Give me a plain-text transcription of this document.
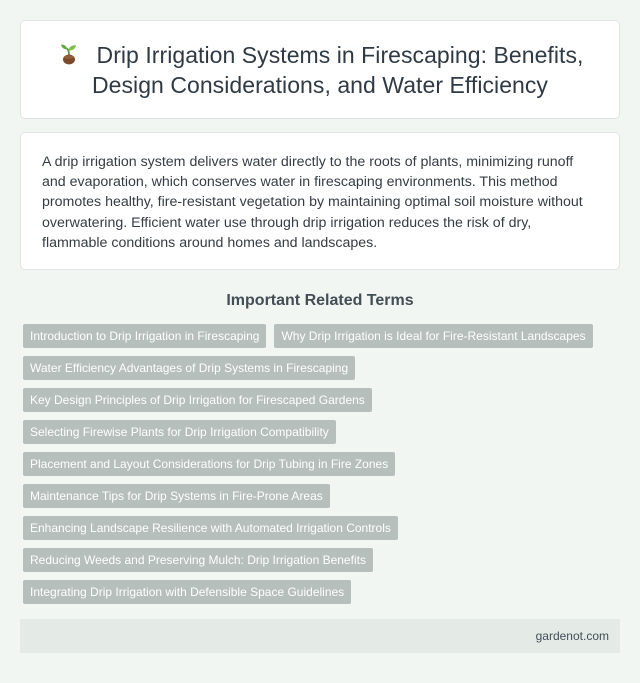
Drip Irrigation Systems in Firescaping: Benefits, Design Considerations, and Water Efficiency

A drip irrigation system delivers water directly to the roots of plants, minimizing runoff and evaporation, which conserves water in firescaping environments. This method promotes healthy, fire-resistant vegetation by maintaining optimal soil moisture without overwatering. Efficient water use through drip irrigation reduces the risk of dry, flammable conditions around homes and landscapes.

Important Related Terms
Introduction to Drip Irrigation in Firescaping	Why Drip Irrigation is Ideal for Fire-Resistant Landscapes
Water Efficiency Advantages of Drip Systems in Firescaping
Key Design Principles of Drip Irrigation for Firescaped Gardens
Selecting Firewise Plants for Drip Irrigation Compatibility
Placement and Layout Considerations for Drip Tubing in Fire Zones
Maintenance Tips for Drip Systems in Fire-Prone Areas
Enhancing Landscape Resilience with Automated Irrigation Controls
Reducing Weeds and Preserving Mulch: Drip Irrigation Benefits
Integrating Drip Irrigation with Defensible Space Guidelines
gardenot.com
